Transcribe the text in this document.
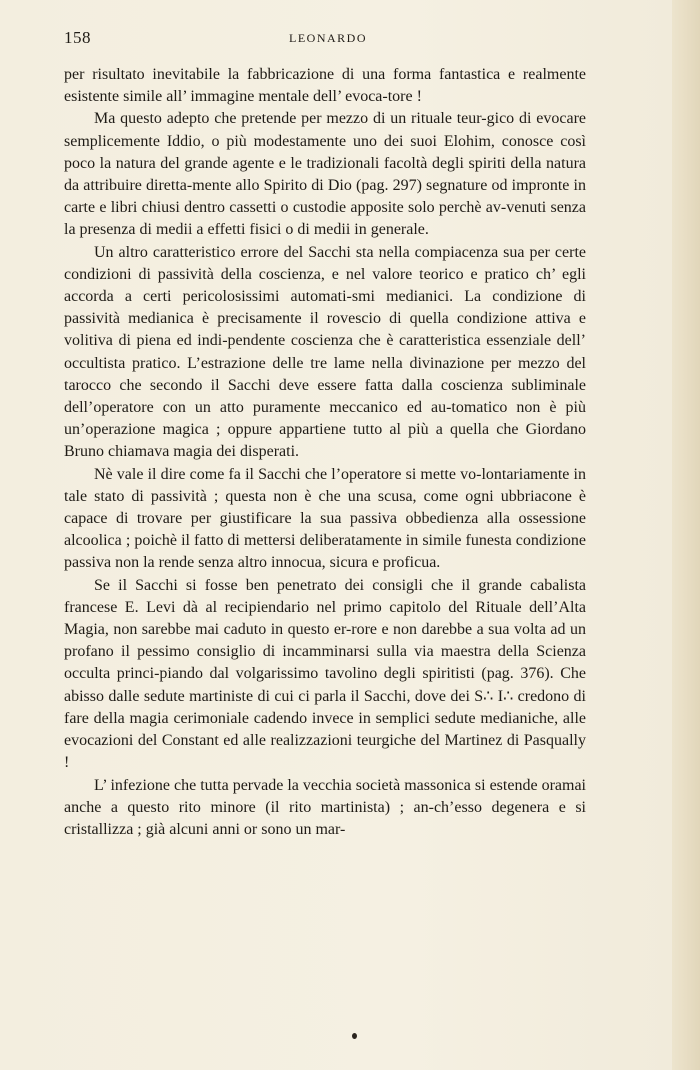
158	LEONARDO

per risultato inevitabile la fabbricazione di una forma fantastica e realmente esistente simile all’ immagine mentale dell’ evoca-tore !

Ma questo adepto che pretende per mezzo di un rituale teur-gico di evocare semplicemente Iddio, o più modestamente uno dei suoi Elohim, conosce così poco la natura del grande agente e le tradizionali facoltà degli spiriti della natura da attribuire diretta-mente allo Spirito di Dio (pag. 297) segnature od impronte in carte e libri chiusi dentro cassetti o custodie apposite solo perchè av-venuti senza la presenza di medii a effetti fisici o di medii in generale.

Un altro caratteristico errore del Sacchi sta nella compiacenza sua per certe condizioni di passività della coscienza, e nel valore teorico e pratico ch’ egli accorda a certi pericolosissimi automati-smi medianici. La condizione di passività medianica è precisamente il rovescio di quella condizione attiva e volitiva di piena ed indi-pendente coscienza che è caratteristica essenziale dell’ occultista pratico. L’estrazione delle tre lame nella divinazione per mezzo del tarocco che secondo il Sacchi deve essere fatta dalla coscienza subliminale dell’operatore con un atto puramente meccanico ed au-tomatico non è più un’operazione magica ; oppure appartiene tutto al più a quella che Giordano Bruno chiamava magia dei disperati.

Nè vale il dire come fa il Sacchi che l’operatore si mette vo-lontariamente in tale stato di passività ; questa non è che una scusa, come ogni ubbriacone è capace di trovare per giustificare la sua passiva obbedienza alla ossessione alcoolica ; poichè il fatto di mettersi deliberatamente in simile funesta condizione passiva non la rende senza altro innocua, sicura e proficua.

Se il Sacchi si fosse ben penetrato dei consigli che il grande cabalista francese E. Levi dà al recipiendario nel primo capitolo del Rituale dell’Alta Magia, non sarebbe mai caduto in questo er-rore e non darebbe a sua volta ad un profano il pessimo consiglio di incamminarsi sulla via maestra della Scienza occulta princi-piando dal volgarissimo tavolino degli spiritisti (pag. 376). Che abisso dalle sedute martiniste di cui ci parla il Sacchi, dove dei S∴ I∴ credono di fare della magia cerimoniale cadendo invece in semplici sedute medianiche, alle evocazioni del Constant ed alle realizzazioni teurgiche del Martinez di Pasqually !

L’ infezione che tutta pervade la vecchia società massonica si estende oramai anche a questo rito minore (il rito martinista) ; an-ch’esso degenera e si cristallizza ; già alcuni anni or sono un mar-
